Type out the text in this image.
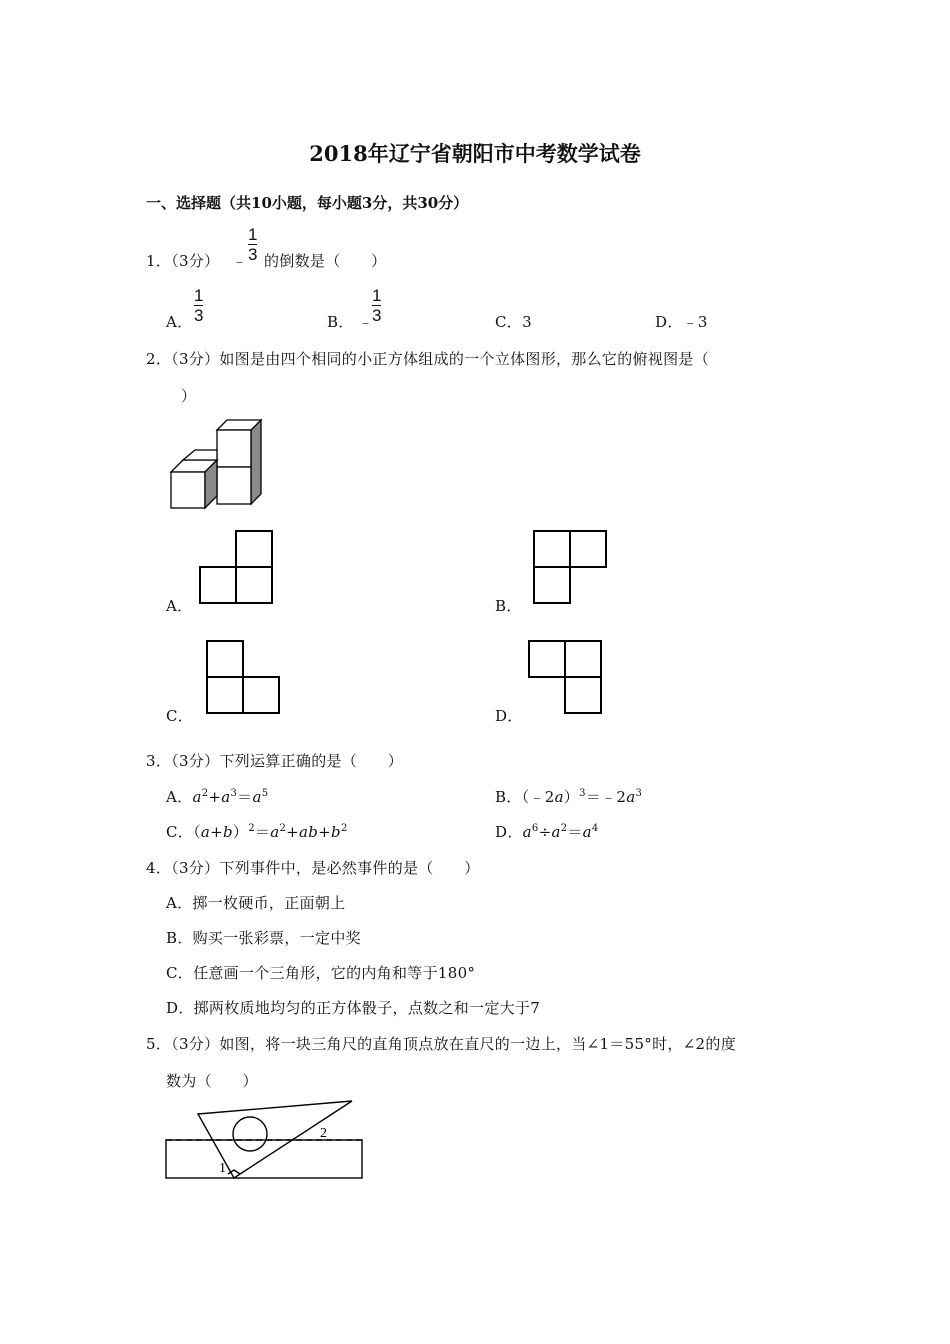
2018年辽宁省朝阳市中考数学试卷
一、选择题（共10小题，每小题3分，共30分）
1．（3分） ﹣
1
3 的倒数是（　　）
A．
1
3	B． ﹣
1
3	C．3	D．﹣3
2．（3分）如图是由四个相同的小正方体组成的一个立体图形，那么它的俯视图是（
）
A．	B．
C．	D．
3．（3分）下列运算正确的是（　　）
A．$a^2+a^3=a^5$	B．$(﹣2a)^3=﹣2a^3$
C．$(a+b)^2=a^2+ab+b^2$	D．$a^6\div a^2=a^4$
4．（3分）下列事件中，是必然事件的是（　　）
A．掷一枚硬币，正面朝上
B．购买一张彩票，一定中奖
C．任意画一个三角形，它的内角和等于180°
D．掷两枚质地均匀的正方体骰子，点数之和一定大于7
5．（3分）如图，将一块三角尺的直角顶点放在直尺的一边上，当∠1＝55°时，∠2的度
数为（　　）
1
2
